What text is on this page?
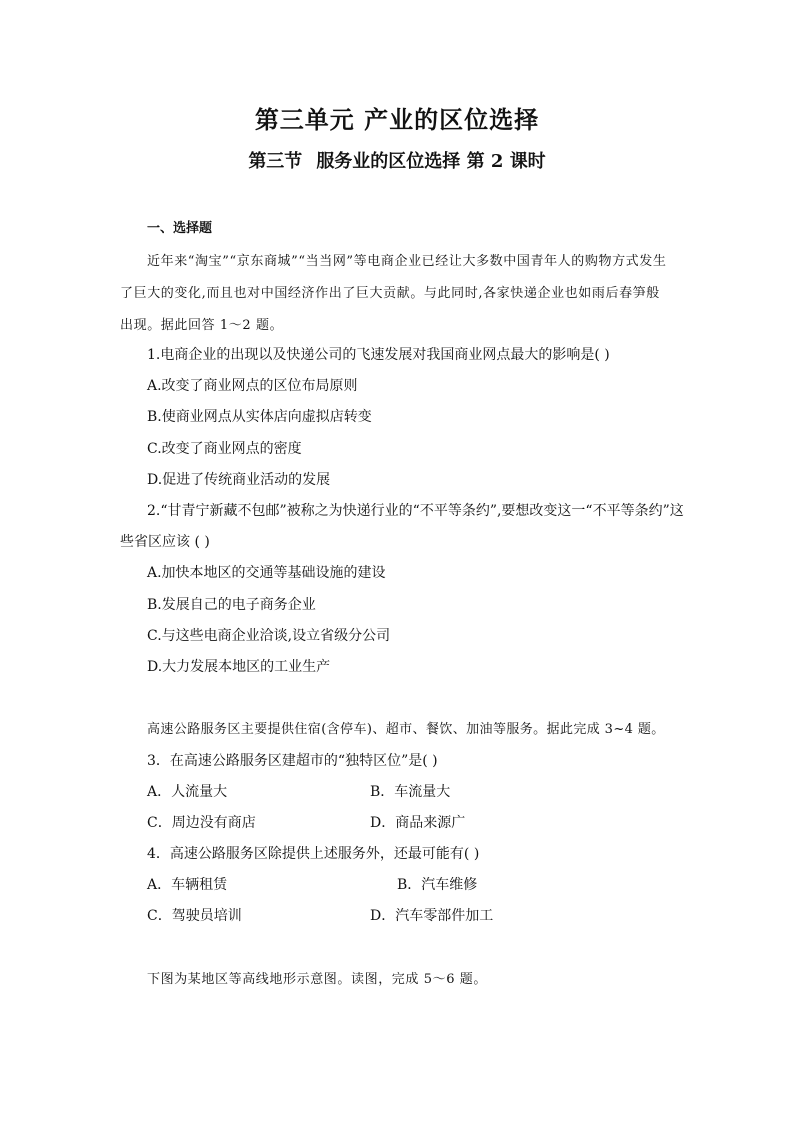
第三单元 产业的区位选择
第三节 服务业的区位选择 第 2 课时
一、选择题
近年来“淘宝”“京东商城”“当当网”等电商企业已经让大多数中国青年人的购物方式发生
了巨大的变化,而且也对中国经济作出了巨大贡献。与此同时,各家快递企业也如雨后春笋般
出现。据此回答 1～2 题。
1.电商企业的出现以及快递公司的飞速发展对我国商业网点最大的影响是( )
A.改变了商业网点的区位布局原则
B.使商业网点从实体店向虚拟店转变
C.改变了商业网点的密度
D.促进了传统商业活动的发展
2.“甘青宁新藏不包邮”被称之为快递行业的“不平等条约”,要想改变这一“不平等条约”这
些省区应该 ( )
A.加快本地区的交通等基础设施的建设
B.发展自己的电子商务企业
C.与这些电商企业洽谈,设立省级分公司
D.大力发展本地区的工业生产
高速公路服务区主要提供住宿(含停车)、超市、餐饮、加油等服务。据此完成 3~4 题。
3．在高速公路服务区建超市的“独特区位”是( )
A．人流量大	B．车流量大
C．周边没有商店	D．商品来源广
4．高速公路服务区除提供上述服务外，还最可能有( )
A．车辆租赁	B．汽车维修
C．驾驶员培训	D．汽车零部件加工
下图为某地区等高线地形示意图。读图，完成 5～6 题。
